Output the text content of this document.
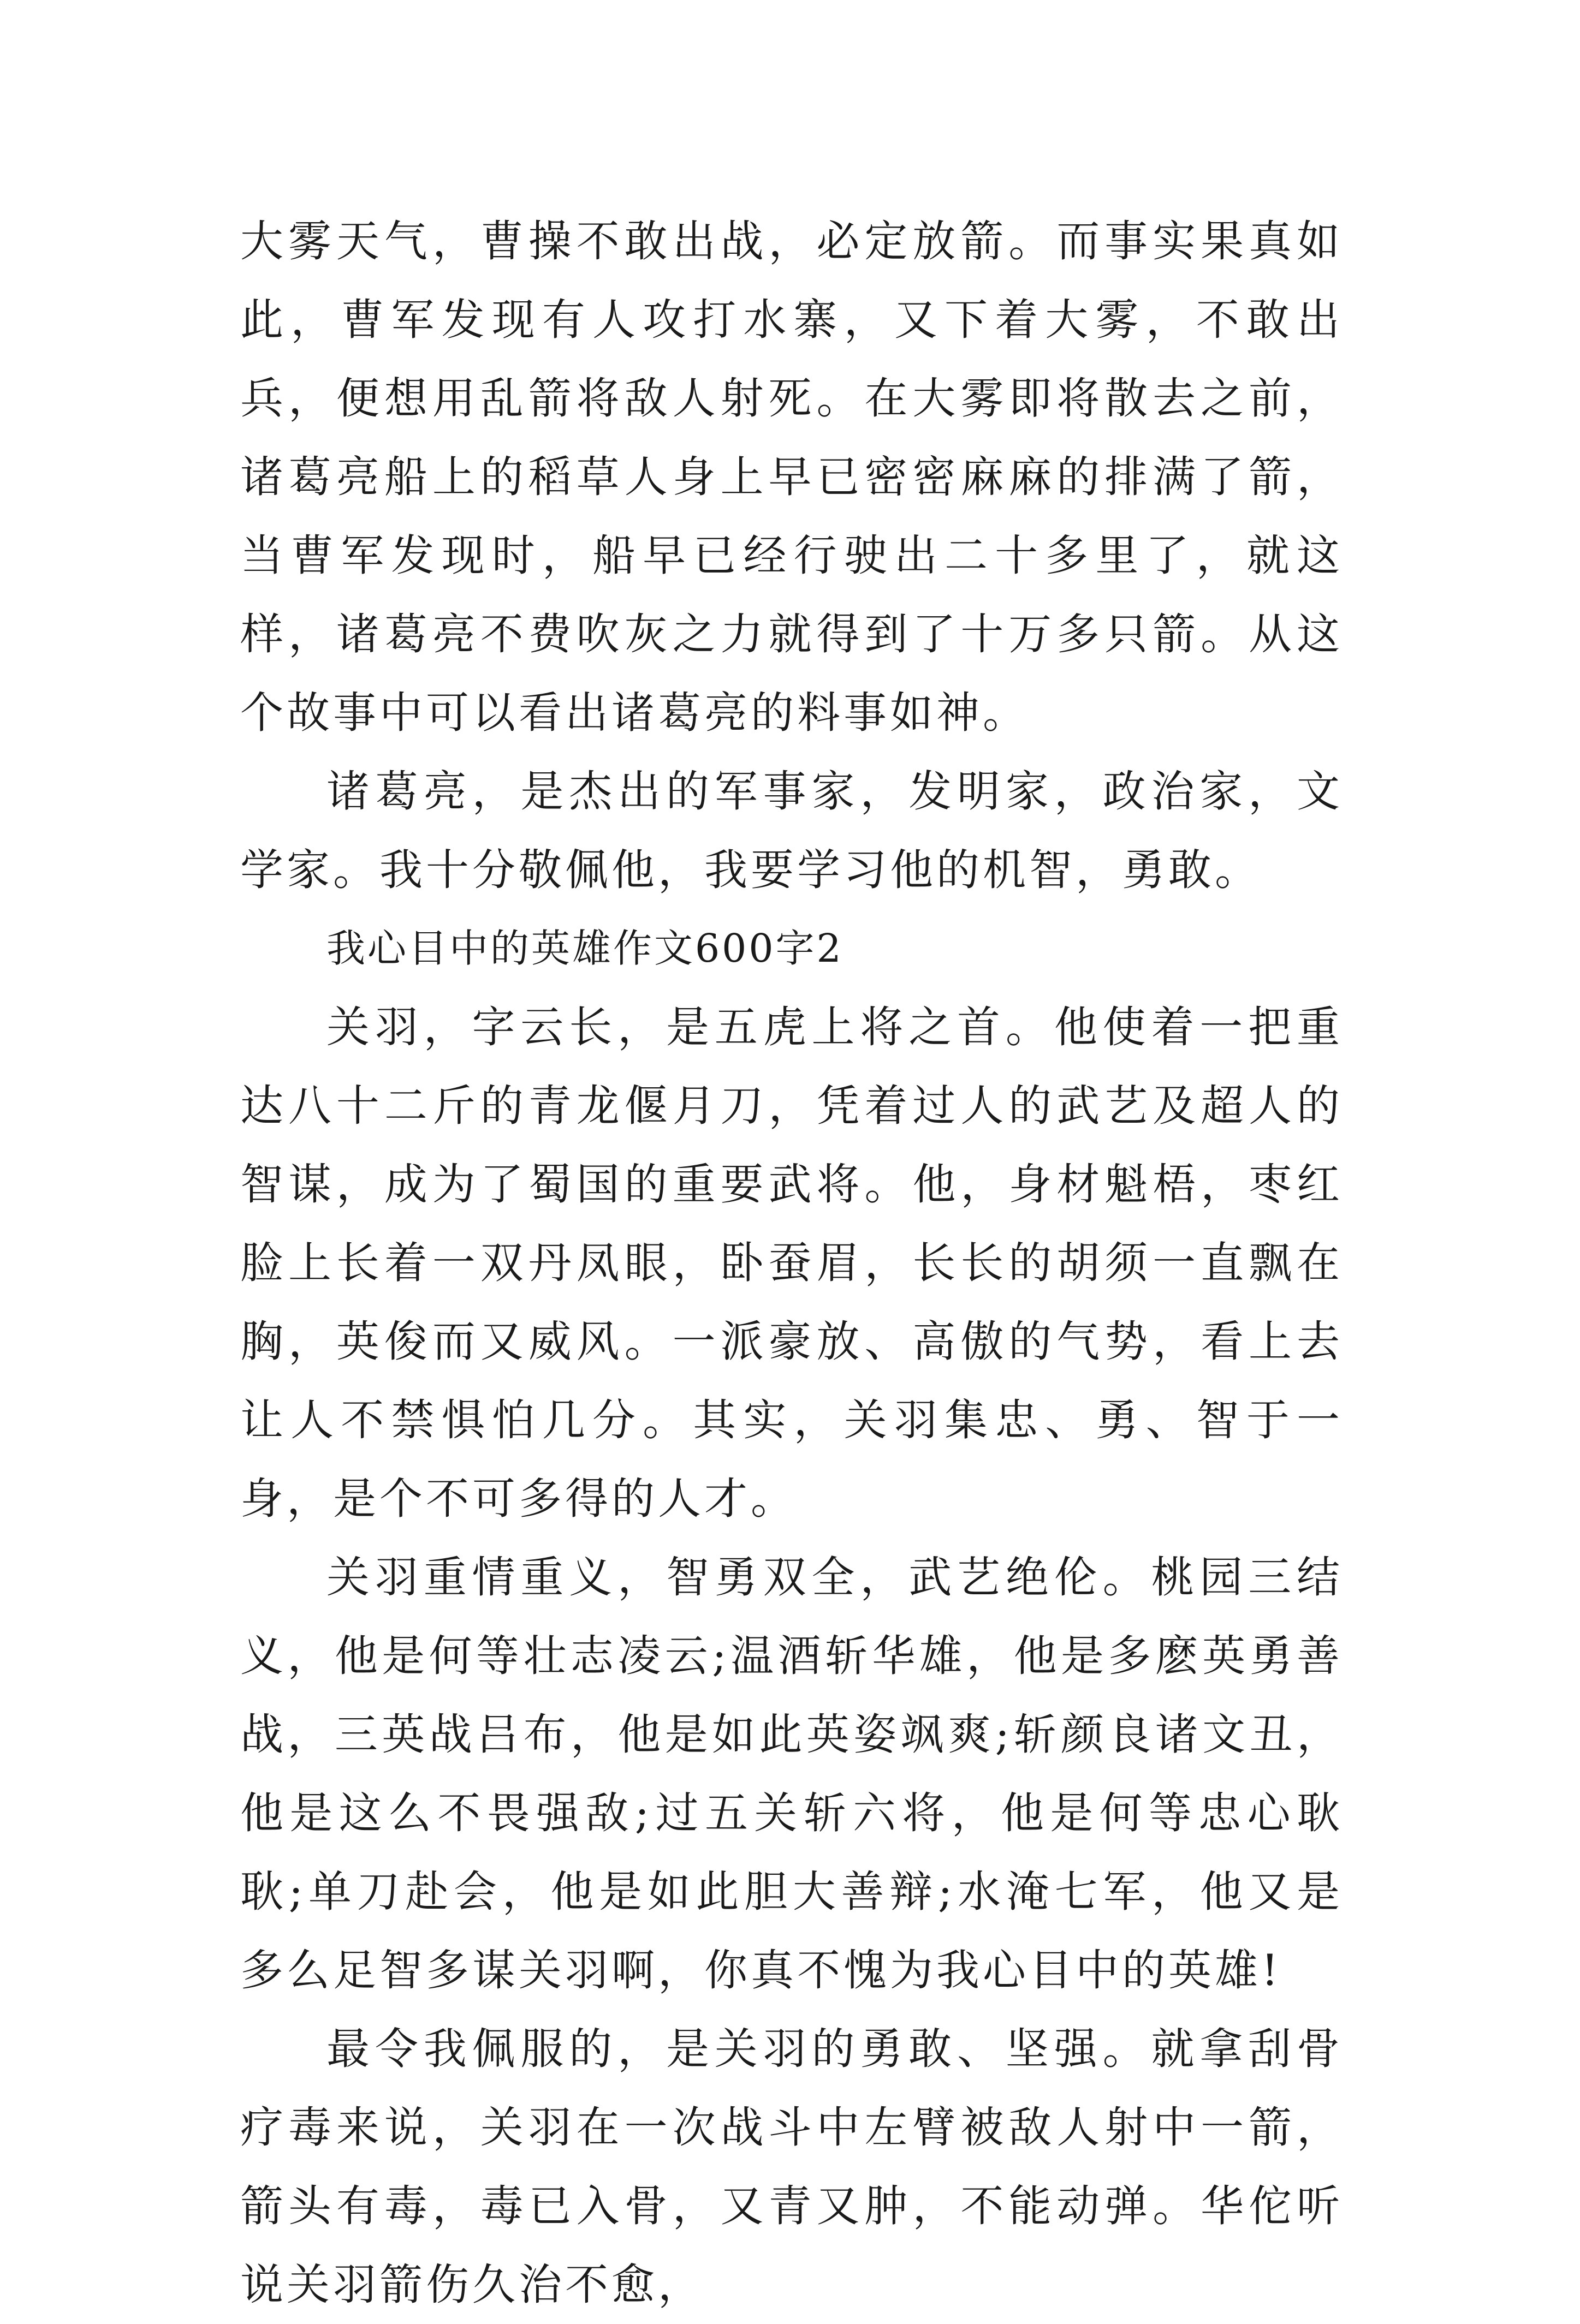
大雾天气，曹操不敢出战，必定放箭。而事实果真如此，曹军发现有人攻打水寨，又下着大雾，不敢出兵，便想用乱箭将敌人射死。在大雾即将散去之前，诸葛亮船上的稻草人身上早已密密麻麻的排满了箭，当曹军发现时，船早已经行驶出二十多里了，就这样，诸葛亮不费吹灰之力就得到了十万多只箭。从这个故事中可以看出诸葛亮的料事如神。

诸葛亮，是杰出的军事家，发明家，政治家，文学家。我十分敬佩他，我要学习他的机智，勇敢。

我心目中的英雄作文600字2

关羽，字云长，是五虎上将之首。他使着一把重达八十二斤的青龙偃月刀，凭着过人的武艺及超人的智谋，成为了蜀国的重要武将。他，身材魁梧，枣红脸上长着一双丹凤眼，卧蚕眉，长长的胡须一直飘在胸，英俊而又威风。一派豪放、高傲的气势，看上去让人不禁惧怕几分。其实，关羽集忠、勇、智于一身，是个不可多得的人才。

关羽重情重义，智勇双全，武艺绝伦。桃园三结义，他是何等壮志凌云;温酒斩华雄，他是多麽英勇善战，三英战吕布，他是如此英姿飒爽;斩颜良诸文丑，他是这么不畏强敌;过五关斩六将，他是何等忠心耿耿;单刀赴会，他是如此胆大善辩;水淹七军，他又是多么足智多谋关羽啊，你真不愧为我心目中的英雄!

最令我佩服的，是关羽的勇敢、坚强。就拿刮骨疗毒来说，关羽在一次战斗中左臂被敌人射中一箭，箭头有毒，毒已入骨，又青又肿，不能动弹。华佗听说关羽箭伤久治不愈，
